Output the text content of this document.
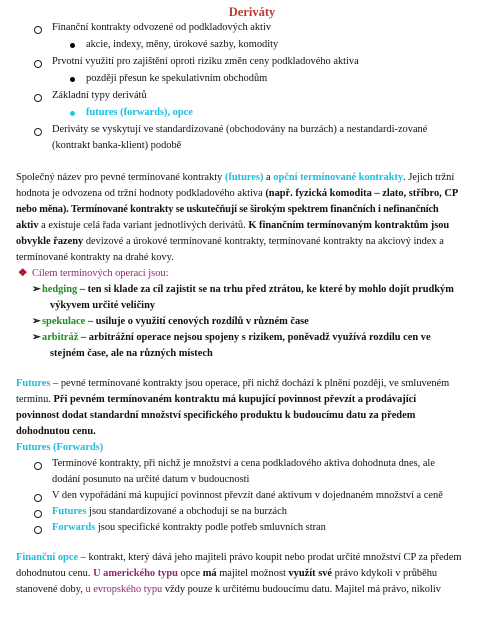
Deriváty
Finanční kontrakty odvozené od podkladových aktiv
akcie, indexy, měny, úrokové sazby, komodity
Prvotní využití pro zajištění oproti riziku změn ceny podkladového aktiva
později přesun ke spekulativním obchodům
Základní typy derivátů
futures (forwards), opce
Deriváty se vyskytují ve standardizované (obchodovány na burzách) a nestandardi-zované
(kontrakt banka-klient) podobě
Společný název pro pevné termínované kontrakty (futures) a opční termínované kontrakty. Jejich tržní
hodnota je odvozena od tržní hodnoty podkladového aktiva (např. fyzická komodita – zlato, stříbro, CP
nebo měna). Termínované kontrakty se uskutečňují se širokým spektrem finančních i nefinančních
aktiv a existuje celá řada variant jednotlivých derivátů. K finančním termínovaným kontraktům jsou
obvykle řazeny devizové a úrokové termínované kontrakty, termínované kontrakty na akciový index a
termínované kontrakty na drahé kovy.
❖ Cílem termínových operací jsou:
➢ hedging – ten si klade za cíl zajistit se na trhu před ztrátou, ke které by mohlo dojít prudkým
výkyvem určité veličiny
➢ spekulace – usiluje o využití cenových rozdílů v různém čase
➢ arbitráž – arbitrážní operace nejsou spojeny s rizikem, poněvadž využívá rozdílu cen ve
stejném čase, ale na různých místech
Futures – pevné termínované kontrakty jsou operace, při nichž dochází k plnění později, ve smluveném
termínu. Při pevném termínovaném kontraktu má kupující povinnost převzít a prodávající
povinnost dodat standardní množství specifického produktu k budoucímu datu za předem
dohodnutou cenu.
Futures (Forwards)
Termínové kontrakty, při nichž je množství a cena podkladového aktiva dohodnuta dnes, ale
dodání posunuto na určité datum v budoucnosti
V den vypořádání má kupující povinnost převzít dané aktivum v dojednaném množství a ceně
Futures jsou standardizované a obchodují se na burzách
Forwards jsou specifické kontrakty podle potřeb smluvních stran
Finanční opce – kontrakt, který dává jeho majiteli právo koupit nebo prodat určité množství CP za předem
dohodnutou cenu. U amerického typu opce má majitel možnost využít své právo kdykoli v průběhu
stanovené doby, u evropského typu vždy pouze k určitému budoucímu datu. Majitel má právo, nikoliv
